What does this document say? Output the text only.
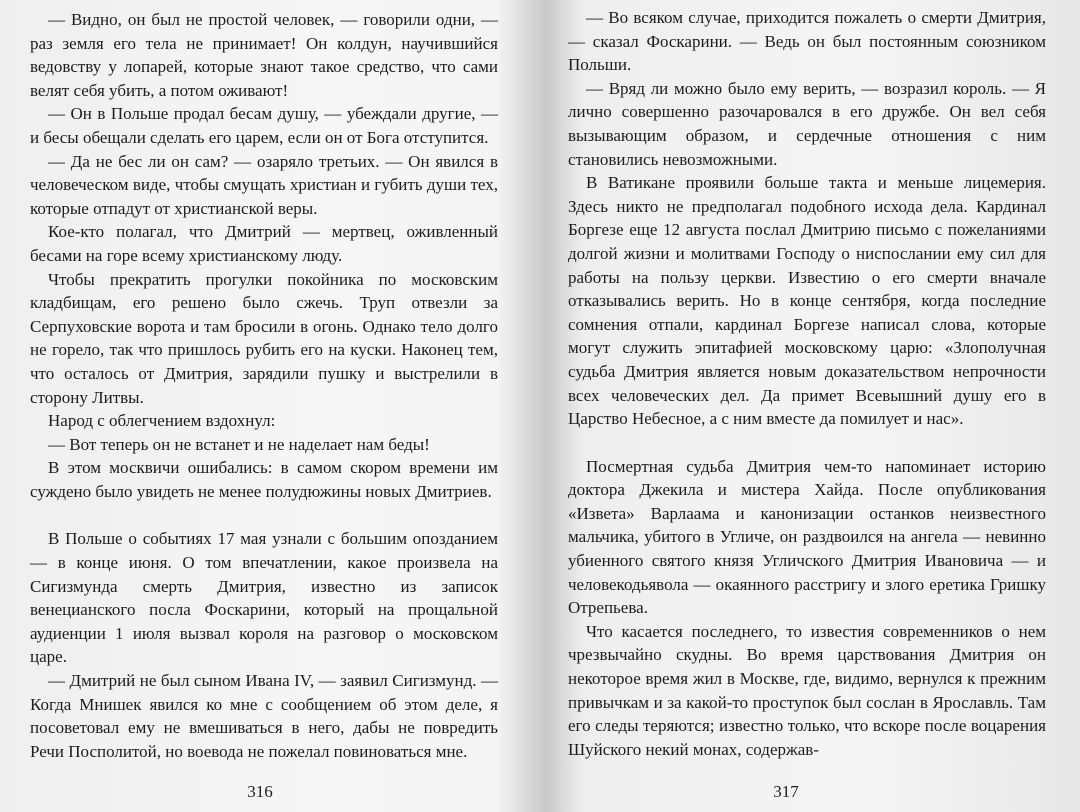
— Видно, он был не простой человек, — говорили одни, — раз земля его тела не принимает! Он колдун, научившийся ведовству у лопарей, которые знают такое средство, что сами велят себя убить, а потом оживают!

— Он в Польше продал бесам душу, — убеждали другие, — и бесы обещали сделать его царем, если он от Бога отступится.

— Да не бес ли он сам? — озаряло третьих. — Он явился в человеческом виде, чтобы смущать христиан и губить души тех, которые отпадут от христианской веры.

Кое-кто полагал, что Дмитрий — мертвец, оживленный бесами на горе всему христианскому люду.

Чтобы прекратить прогулки покойника по московским кладбищам, его решено было сжечь. Труп отвезли за Серпуховские ворота и там бросили в огонь. Однако тело долго не горело, так что пришлось рубить его на куски. Наконец тем, что осталось от Дмитрия, зарядили пушку и выстрелили в сторону Литвы.

Народ с облегчением вздохнул:

— Вот теперь он не встанет и не наделает нам беды!

В этом москвичи ошибались: в самом скором времени им суждено было увидеть не менее полудюжины новых Дмитриев.

В Польше о событиях 17 мая узнали с большим опозданием — в конце июня. О том впечатлении, какое произвела на Сигизмунда смерть Дмитрия, известно из записок венецианского посла Фоскарини, который на прощальной аудиенции 1 июля вызвал короля на разговор о московском царе.

— Дмитрий не был сыном Ивана IV, — заявил Сигизмунд. — Когда Мнишек явился ко мне с сообщением об этом деле, я посоветовал ему не вмешиваться в него, дабы не повредить Речи Посполитой, но воевода не пожелал повиноваться мне.

316

— Во всяком случае, приходится пожалеть о смерти Дмитрия, — сказал Фоскарини. — Ведь он был постоянным союзником Польши.

— Вряд ли можно было ему верить, — возразил король. — Я лично совершенно разочаровался в его дружбе. Он вел себя вызывающим образом, и сердечные отношения с ним становились невозможными.

В Ватикане проявили больше такта и меньше лицемерия. Здесь никто не предполагал подобного исхода дела. Кардинал Боргезе еще 12 августа послал Дмитрию письмо с пожеланиями долгой жизни и молитвами Господу о ниспослании ему сил для работы на пользу церкви. Известию о его смерти вначале отказывались верить. Но в конце сентября, когда последние сомнения отпали, кардинал Боргезе написал слова, которые могут служить эпитафией московскому царю: «Злополучная судьба Дмитрия является новым доказательством непрочности всех человеческих дел. Да примет Всевышний душу его в Царство Небесное, а с ним вместе да помилует и нас».

Посмертная судьба Дмитрия чем-то напоминает историю доктора Джекила и мистера Хайда. После опубликования «Извета» Варлаама и канонизации останков неизвестного мальчика, убитого в Угличе, он раздвоился на ангела — невинно убиенного святого князя Угличского Дмитрия Ивановича — и человекодьявола — окаянного расстригу и злого еретика Гришку Отрепьева.

Что касается последнего, то известия современников о нем чрезвычайно скудны. Во время царствования Дмитрия он некоторое время жил в Москве, где, видимо, вернулся к прежним привычкам и за какой-то проступок был сослан в Ярославль. Там его следы теряются; известно только, что вскоре после воцарения Шуйского некий монах, содержав-

317
